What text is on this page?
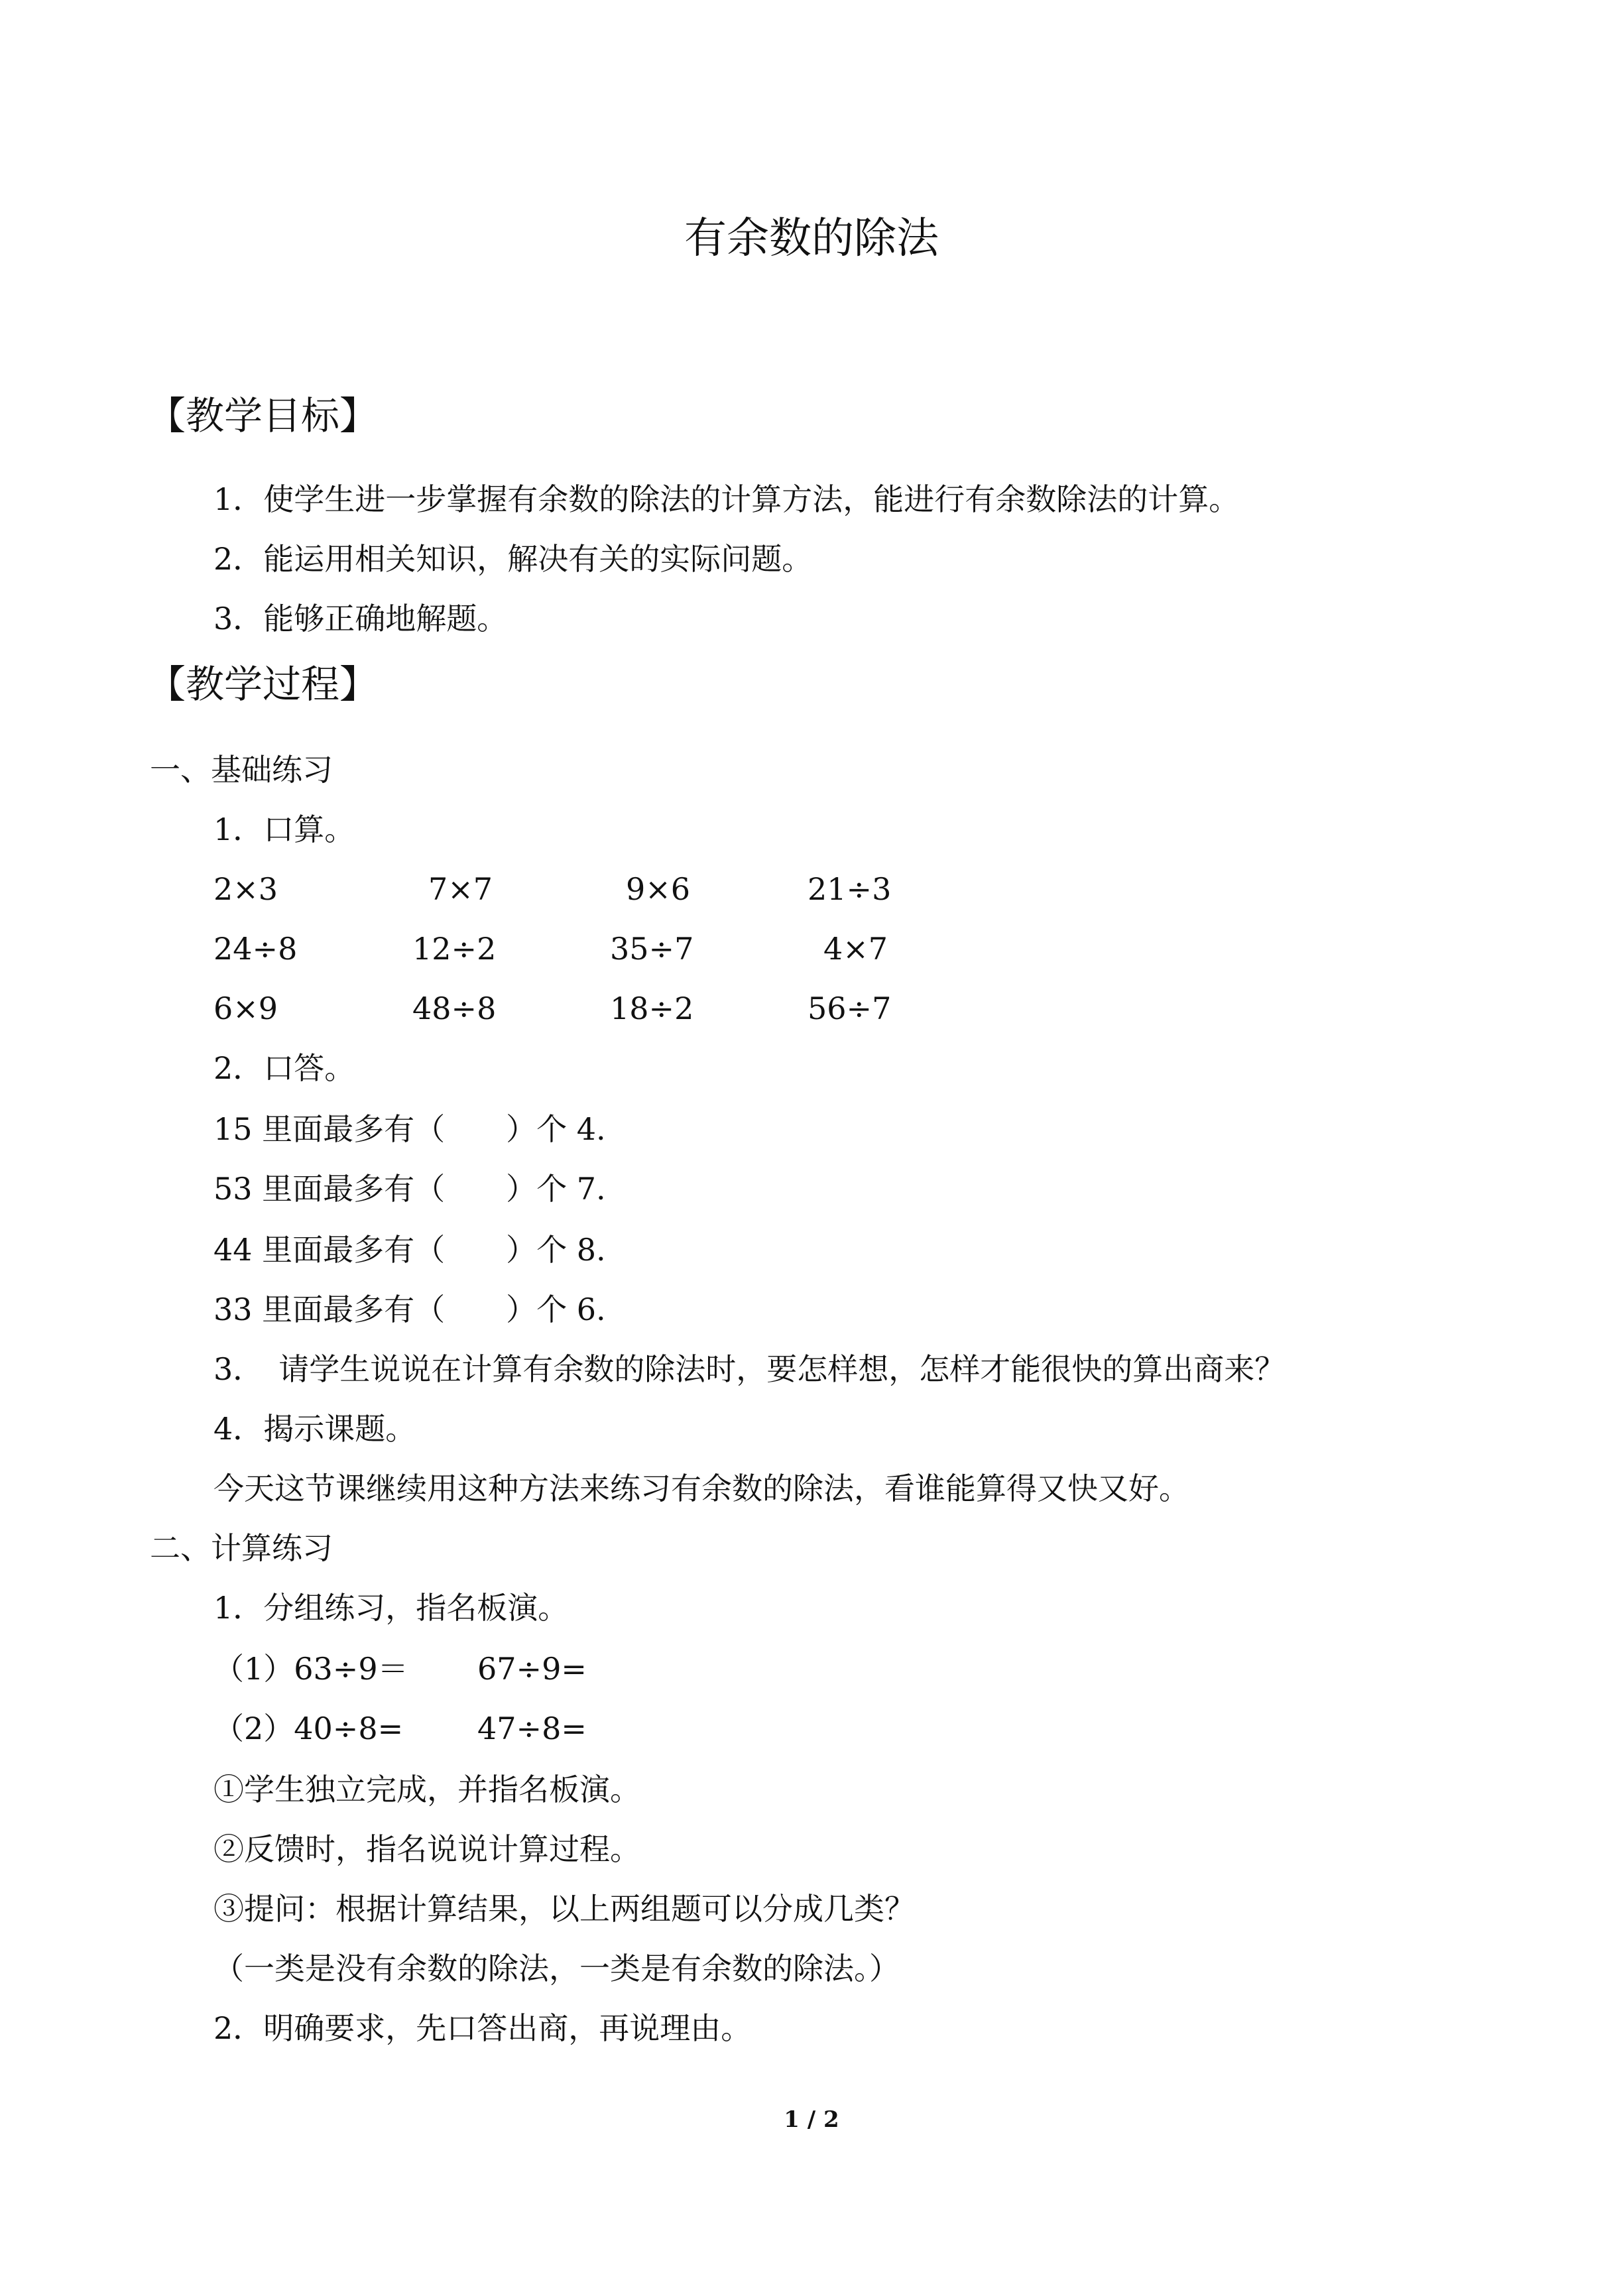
有余数的除法
【教学目标】
1．使学生进一步掌握有余数的除法的计算方法，能进行有余数除法的计算。
2．能运用相关知识，解决有关的实际问题。
3．能够正确地解题。
【教学过程】
一、基础练习
1．口算。
2×3	7×7	9×6	21÷3
24÷8	12÷2	35÷7	4×7
6×9	48÷8	18÷2	56÷7
2．口答。
15 里面最多有（　　）个 4.
53 里面最多有（　　）个 7.
44 里面最多有（　　）个 8.
33 里面最多有（　　）个 6.
3．　请学生说说在计算有余数的除法时，要怎样想，怎样才能很快的算出商来？
4．揭示课题。
今天这节课继续用这种方法来练习有余数的除法，看谁能算得又快又好。
二、计算练习
1．分组练习，指名板演。
（1）63÷9＝ 67÷9=
（2）40÷8= 47÷8=
①学生独立完成，并指名板演。
②反馈时，指名说说计算过程。
③提问：根据计算结果，以上两组题可以分成几类？
（一类是没有余数的除法，一类是有余数的除法。）
2．明确要求，先口答出商，再说理由。
1 / 2
